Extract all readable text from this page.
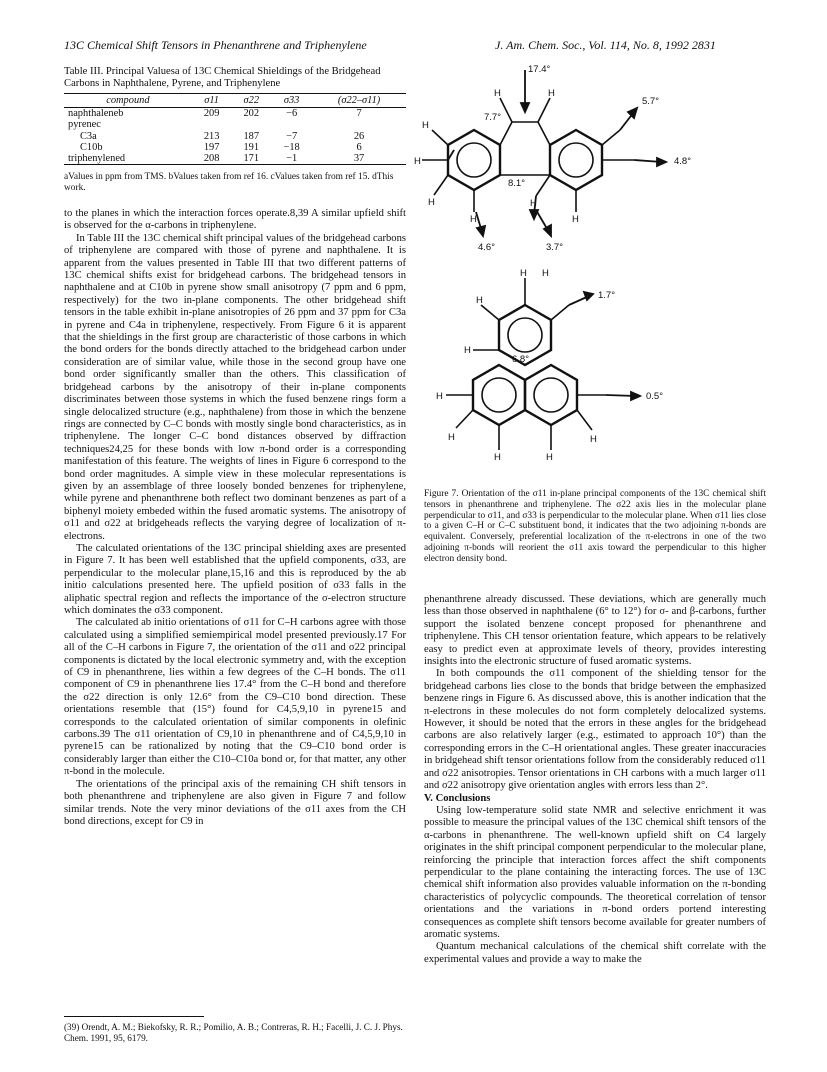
13C Chemical Shift Tensors in Phenanthrene and Triphenylene	J. Am. Chem. Soc., Vol. 114, No. 8, 1992 2831
Table III. Principal Valuesa of 13C Chemical Shieldings of the Bridgehead Carbons in Naphthalene, Pyrene, and Triphenylene
compound	σ11	σ22	σ33	(σ22–σ11)
naphthaleneb	209	202	−6	7
pyrenec				
C3a	213	187	−7	26
C10b	197	191	−18	6
triphenylened	208	171	−1	37
aValues in ppm from TMS. bValues taken from ref 16. cValues taken from ref 15. dThis work.

to the planes in which the interaction forces operate.8,39 A similar upfield shift is observed for the α-carbons in triphenylene.

In Table III the 13C chemical shift principal values of the bridgehead carbons of triphenylene are compared with those of pyrene and naphthalene. It is apparent from the values presented in Table III that two different patterns of 13C chemical shifts exist for bridgehead carbons. The bridgehead tensors in naphthalene and at C10b in pyrene show small anisotropy (7 ppm and 6 ppm, respectively) for the two in-plane components. The other bridgehead shift tensors in the table exhibit in-plane anisotropies of 26 ppm and 37 ppm for C3a in pyrene and C4a in triphenylene, respectively. From Figure 6 it is apparent that the shieldings in the first group are characteristic of those carbons in which the bond orders for the bonds directly attached to the bridgehead carbon under consideration are of similar value, while those in the second group have one bond order significantly smaller than the others. This classification of bridgehead carbons by the anisotropy of their in-plane components discriminates between those systems in which the fused benzene rings form a single delocalized structure (e.g., naphthalene) from those in which the benzene rings are connected by C–C bonds with mostly single bond characteristics, as in triphenylene. The longer C–C bond distances observed by diffraction techniques24,25 for these bonds with low π-bond order is a corresponding manifestation of this feature. The weights of lines in Figure 6 correspond to the bond order magnitudes. A simple view in these molecular representations is given by an assemblage of three loosely bonded benzenes for triphenylene, while pyrene and phenanthrene both reflect two dominant benzenes as part of a biphenyl moiety embeded within the fused aromatic systems. The anisotropy of σ11 and σ22 at bridgeheads reflects the varying degree of localization of π-electrons.

The calculated orientations of the 13C principal shielding axes are presented in Figure 7. It has been well established that the upfield components, σ33, are perpendicular to the molecular plane,15,16 and this is reproduced by the ab initio calculations presented here. The upfield position of σ33 falls in the aliphatic spectral region and reflects the importance of the σ-electron structure which dominates the σ33 component.

The calculated ab initio orientations of σ11 for C–H carbons agree with those calculated using a simplified semiempirical model presented previously.17 For all of the C–H carbons in Figure 7, the orientation of the σ11 and σ22 principal components is dictated by the local electronic symmetry and, with the exception of C9 in phenanthrene, lies within a few degrees of the C–H bonds. The σ11 component of C9 in phenanthrene lies 17.4° from the C–H bond and therefore the σ22 direction is only 12.6° from the C9–C10 bond direction. These orientations resemble that (15°) found for C4,5,9,10 in pyrene15 and corresponds to the calculated orientation of similar components in olefinic carbons.39 The σ11 orientation of C9,10 in phenanthrene and of C4,5,9,10 in pyrene15 can be rationalized by noting that the C9–C10 bond order is considerably larger than either the C10–C10a bond or, for that matter, any other π-bond in the molecule.

The orientations of the principal axis of the remaining CH shift tensors in both phenanthrene and triphenylene are also given in Figure 7 and follow similar trends. Note the very minor deviations of the σ11 axes from the CH bond directions, except for C9 in

(39) Orendt, A. M.; Biekofsky, R. R.; Pomilio, A. B.; Contreras, R. H.; Facelli, J. C. J. Phys. Chem. 1991, 95, 6179.
17.4°
5.7°
7.7°
4.8°
8.1°
4.6°	3.7°
1.7°
6.8°
0.5°
H
H
H
H
H	H
H
H
H H
H
H
H
H
H	H
H
Figure 7. Orientation of the σ11 in-plane principal components of the 13C chemical shift tensors in phenanthrene and triphenylene. The σ22 axis lies in the molecular plane perpendicular to σ11, and σ33 is perpendicular to the molecular plane. When σ11 lies close to a given C–H or C–C substituent bond, it indicates that the two adjoining π-bonds are equivalent. Conversely, preferential localization of the π-electrons in one of the two adjoining π-bonds will reorient the σ11 axis toward the perpendicular to this higher electron density bond.

phenanthrene already discussed. These deviations, which are generally much less than those observed in naphthalene (6° to 12°) for σ- and β-carbons, further support the isolated benzene concept proposed for phenanthrene and triphenylene. This CH tensor orientation feature, which appears to be relatively easy to predict even at approximate levels of theory, provides interesting insights into the electronic structure of fused aromatic systems.

In both compounds the σ11 component of the shielding tensor for the bridgehead carbons lies close to the bonds that bridge between the emphasized benzene rings in Figure 6. As discussed above, this is another indication that the π-electrons in these molecules do not form completely delocalized systems. However, it should be noted that the errors in these angles for the bridgehead carbons are also relatively larger (e.g., estimated to approach 10°) than the corresponding errors in the C–H orientational angles. These greater inaccuracies in bridgehead shift tensor orientations follow from the considerably reduced σ11 and σ22 anisotropies. Tensor orientations in CH carbons with a much larger σ11 and σ22 anisotropy give orientation angles with errors less than 2°.

V. Conclusions

Using low-temperature solid state NMR and selective enrichment it was possible to measure the principal values of the 13C chemical shift tensors of the α-carbons in phenanthrene. The well-known upfield shift on C4 largely originates in the shift principal component perpendicular to the molecular plane, reinforcing the principle that interaction forces affect the shift components perpendicular to the plane containing the interacting forces. The use of 13C chemical shift information also provides valuable information on the π-bonding characteristics of polycyclic compounds. The theoretical correlation of tensor orientations and the variations in π-bond orders portend interesting consequences as complete shift tensors become available for greater numbers of aromatic systems.

Quantum mechanical calculations of the chemical shift correlate with the experimental values and provide a way to make the
